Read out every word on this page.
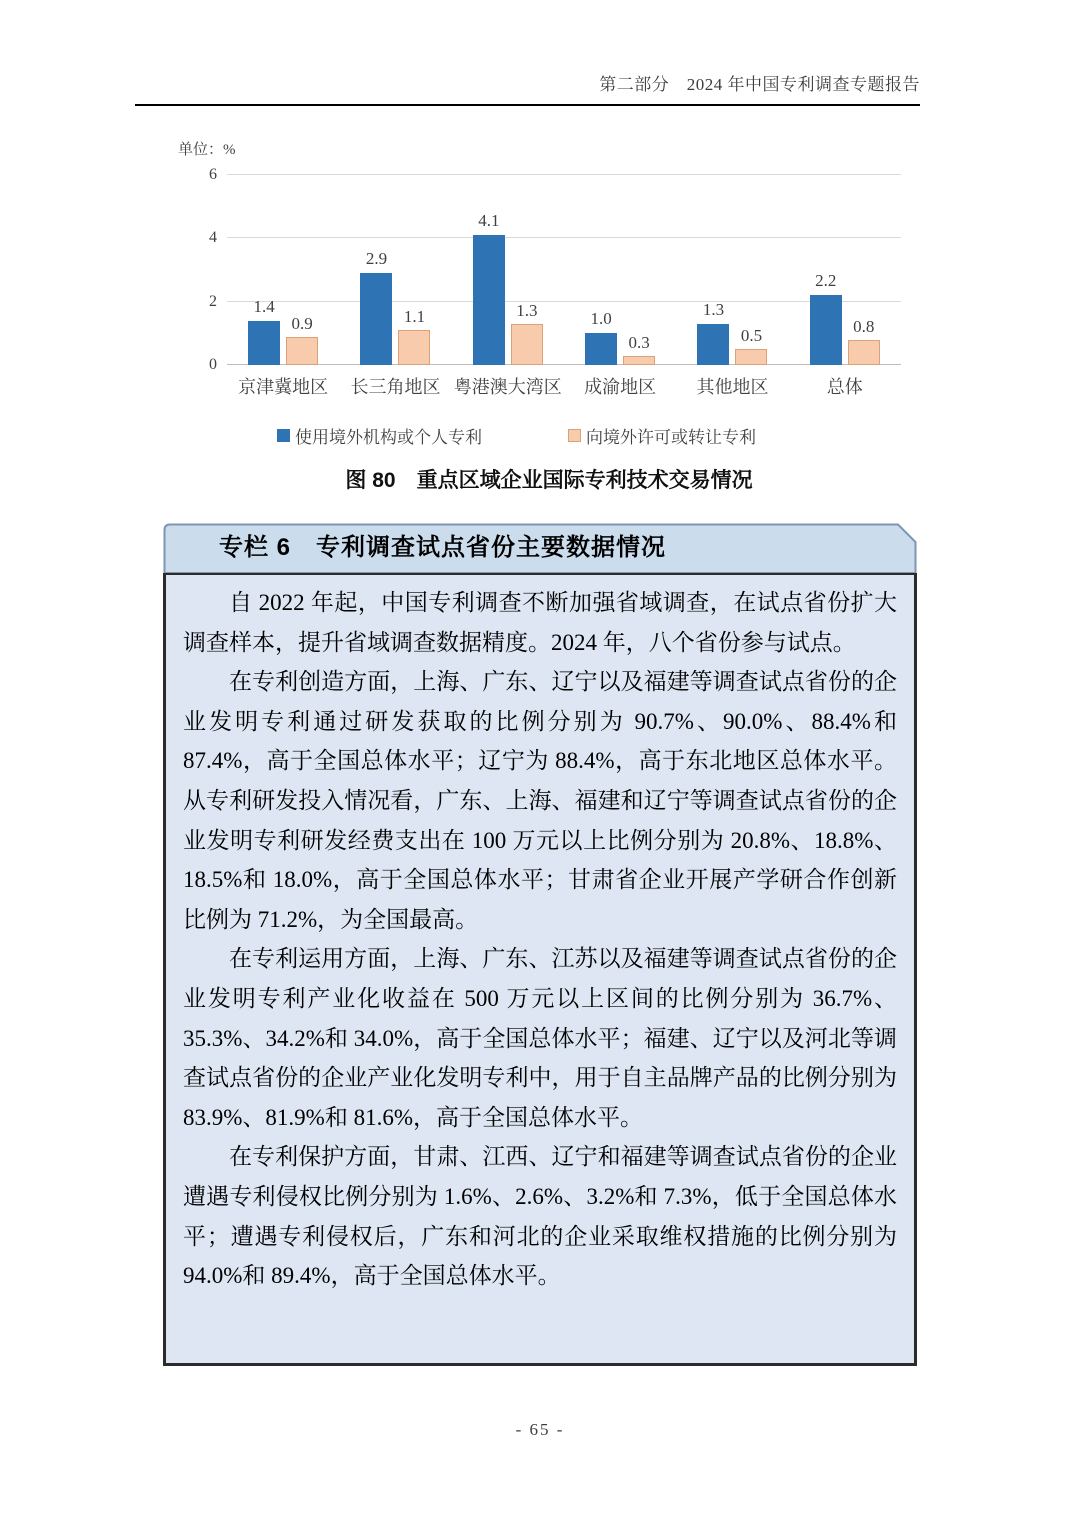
第二部分　2024 年中国专利调查专题报告
单位：%
0
2
4
6
1.4
0.9
2.9
1.1
4.1
1.3	1.0
0.3
1.3
0.5
2.2
0.8
京津冀地区	长三角地区 粤港澳大湾区	成渝地区	其他地区	总体
使用境外机构或个人专利	向境外许可或转让专利
图 80　重点区域企业国际专利技术交易情况
专栏 6　专利调查试点省份主要数据情况

自 2022 年起，中国专利调查不断加强省域调查，在试点省份扩大调查样本，提升省域调查数据精度。2024 年，八个省份参与试点。

在专利创造方面，上海、广东、辽宁以及福建等调查试点省份的企业发明专利通过研发获取的比例分别为 90.7%、90.0%、88.4%和 87.4%，高于全国总体水平；辽宁为 88.4%，高于东北地区总体水平。从专利研发投入情况看，广东、上海、福建和辽宁等调查试点省份的企业发明专利研发经费支出在 100 万元以上比例分别为 20.8%、18.8%、18.5%和 18.0%，高于全国总体水平；甘肃省企业开展产学研合作创新比例为 71.2%，为全国最高。

在专利运用方面，上海、广东、江苏以及福建等调查试点省份的企业发明专利产业化收益在 500 万元以上区间的比例分别为 36.7%、35.3%、34.2%和 34.0%，高于全国总体水平；福建、辽宁以及河北等调查试点省份的企业产业化发明专利中，用于自主品牌产品的比例分别为 83.9%、81.9%和 81.6%，高于全国总体水平。

在专利保护方面，甘肃、江西、辽宁和福建等调查试点省份的企业遭遇专利侵权比例分别为 1.6%、2.6%、3.2%和 7.3%，低于全国总体水平；遭遇专利侵权后，广东和河北的企业采取维权措施的比例分别为 94.0%和 89.4%，高于全国总体水平。

- 65 -
